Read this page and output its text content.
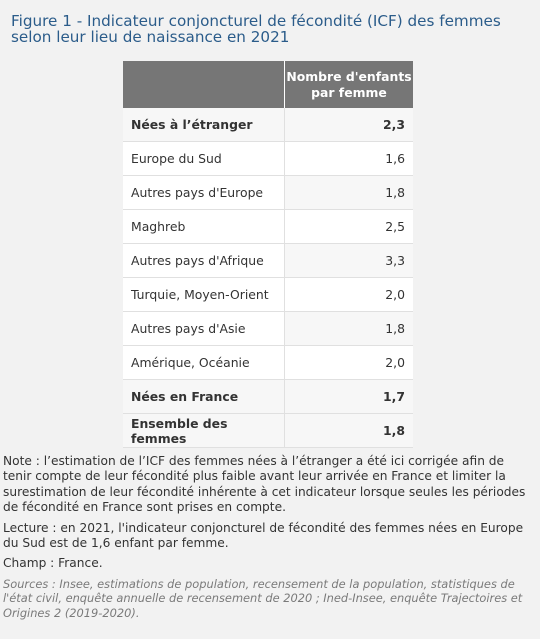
Figure 1 - Indicateur conjoncturel de fécondité (ICF) des femmes
selon leur lieu de naissance en 2021
	Nombre d'enfants
par femme
Nées à l’étranger	2,3
Europe du Sud	1,6
Autres pays d'Europe	1,8
Maghreb	2,5
Autres pays d'Afrique	3,3
Turquie, Moyen-Orient	2,0
Autres pays d'Asie	1,8
Amérique, Océanie	2,0
Nées en France	1,7
Ensemble des femmes	1,8

Note : l’estimation de l’ICF des femmes nées à l’étranger a été ici corrigée afin de tenir compte de leur fécondité plus faible avant leur arrivée en France et limiter la surestimation de leur fécondité inhérente à cet indicateur lorsque seules les périodes de fécondité en France sont prises en compte.

Lecture : en 2021, l'indicateur conjoncturel de fécondité des femmes nées en Europe du Sud est de 1,6 enfant par femme.

Champ : France.

Sources : Insee, estimations de population, recensement de la population, statistiques de l'état civil, enquête annuelle de recensement de 2020 ; Ined-Insee, enquête Trajectoires et Origines 2 (2019-2020).
